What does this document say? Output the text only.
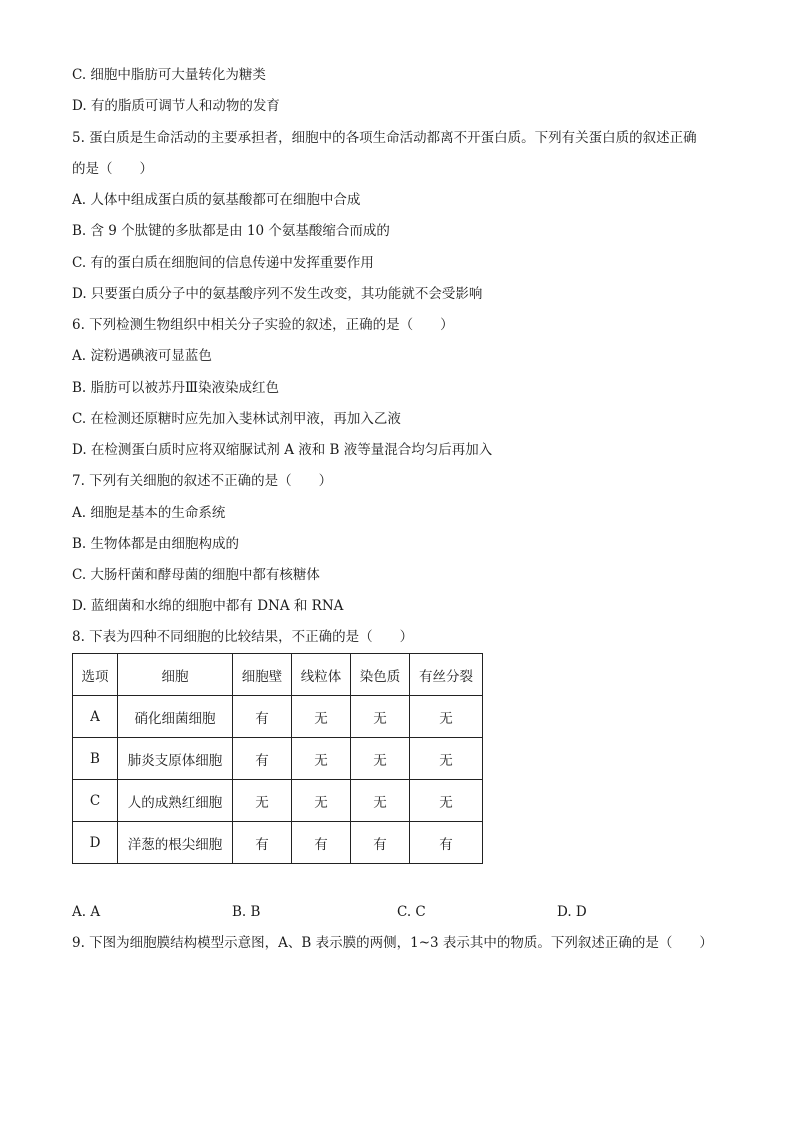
C. 细胞中脂肪可大量转化为糖类
D. 有的脂质可调节人和动物的发育
5. 蛋白质是生命活动的主要承担者，细胞中的各项生命活动都离不开蛋白质。下列有关蛋白质的叙述正确
的是（　　）
A. 人体中组成蛋白质的氨基酸都可在细胞中合成
B. 含 9 个肽键的多肽都是由 10 个氨基酸缩合而成的
C. 有的蛋白质在细胞间的信息传递中发挥重要作用
D. 只要蛋白质分子中的氨基酸序列不发生改变，其功能就不会受影响
6. 下列检测生物组织中相关分子实验的叙述，正确的是（　　）
A. 淀粉遇碘液可显蓝色
B. 脂肪可以被苏丹Ⅲ染液染成红色
C. 在检测还原糖时应先加入斐林试剂甲液，再加入乙液
D. 在检测蛋白质时应将双缩脲试剂 A 液和 B 液等量混合均匀后再加入
7. 下列有关细胞的叙述不正确的是（　　）
A. 细胞是基本的生命系统
B. 生物体都是由细胞构成的
C. 大肠杆菌和酵母菌的细胞中都有核糖体
D. 蓝细菌和水绵的细胞中都有 DNA 和 RNA
8. 下表为四种不同细胞的比较结果，不正确的是（　　）
选项	细胞	细胞壁	线粒体	染色质	有丝分裂
A	硝化细菌细胞	有	无	无	无
B	肺炎支原体细胞	有	无	无	无
C	人的成熟红细胞	无	无	无	无
D	洋葱的根尖细胞	有	有	有	有
A. A	B. B	C. C	D. D
9. 下图为细胞膜结构模型示意图，A、B 表示膜的两侧，1~3 表示其中的物质。下列叙述正确的是（　　）
